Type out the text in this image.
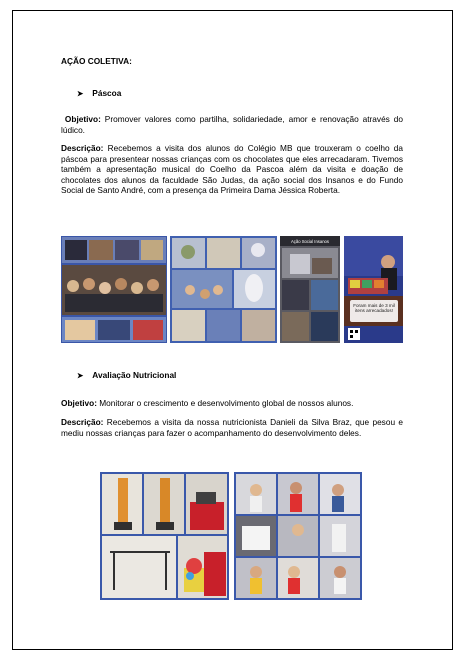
AÇÃO COLETIVA:
➤ Páscoa

Objetivo: Promover valores como partilha, solidariedade, amor e renovação através do lúdico.

Descrição: Recebemos a visita dos alunos do Colégio MB que trouxeram o coelho da páscoa para presentear nossas crianças com os chocolates que eles arrecadaram. Tivemos também a apresentação musical do Coelho da Pascoa além da visita e doação de chocolates dos alunos da faculdade São Judas, da ação social dos Insanos e do Fundo Social de Santo André, com a presença da Primeira Dama Jéssica Roberta.

Ação Social Insanos
Foram mais de 3 mil itens arrecadados!
➤ Avaliação Nutricional

Objetivo: Monitorar o crescimento e desenvolvimento global de nossos alunos.

Descrição: Recebemos a visita da nossa nutricionista Danieli da Silva Braz, que pesou e mediu nossas crianças para fazer o acompanhamento do desenvolvimento deles.
